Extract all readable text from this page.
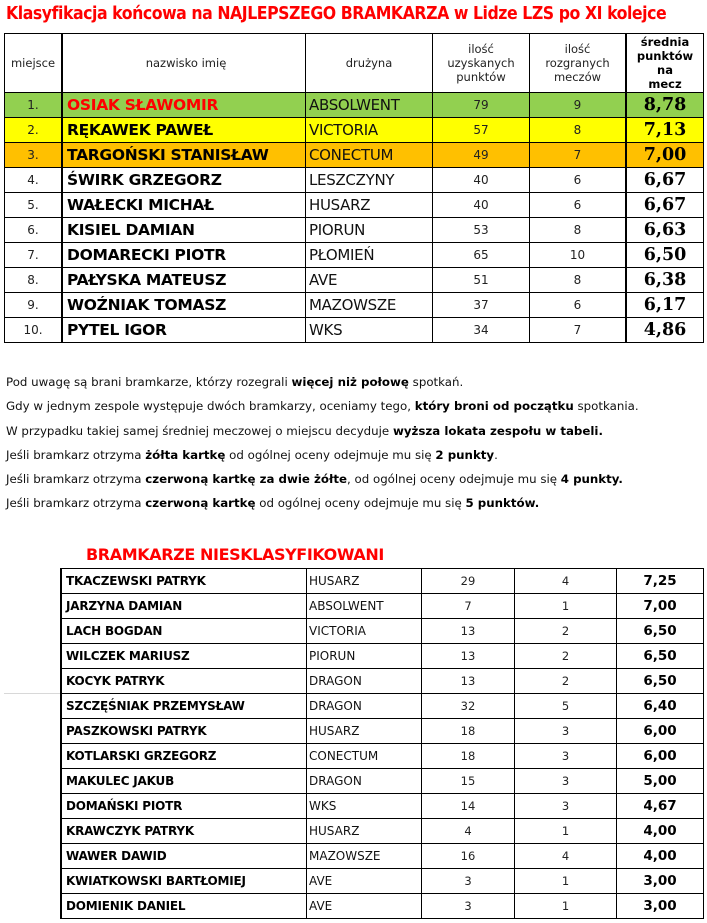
Klasyfikacja końcowa na NAJLEPSZEGO BRAMKARZA w Lidze LZS po XI kolejce
miejsce	nazwisko imię	drużyna	ilość
uzyskanych
punktów	ilość
rozgranych
meczów	średnia
punktów na
mecz
1.	OSIAK SŁAWOMIR	ABSOLWENT	79	9	8,78
2.	RĘKAWEK PAWEŁ	VICTORIA	57	8	7,13
3.	TARGOŃSKI STANISŁAW	CONECTUM	49	7	7,00
4.	ŚWIRK GRZEGORZ	LESZCZYNY	40	6	6,67
5.	WAŁECKI MICHAŁ	HUSARZ	40	6	6,67
6.	KISIEL DAMIAN	PIORUN	53	8	6,63
7.	DOMARECKI PIOTR	PŁOMIEŃ	65	10	6,50
8.	PAŁYSKA MATEUSZ	AVE	51	8	6,38
9.	WOŹNIAK TOMASZ	MAZOWSZE	37	6	6,17
10.	PYTEL IGOR	WKS	34	7	4,86

Pod uwagę są brani bramkarze, którzy rozegrali więcej niż połowę spotkań.

Gdy w jednym zespole występuje dwóch bramkarzy, oceniamy tego, który broni od początku spotkania.

W przypadku takiej samej średniej meczowej o miejscu decyduje wyższa lokata zespołu w tabeli.

Jeśli bramkarz otrzyma żółta kartkę od ogólnej oceny odejmuje mu się 2 punkty.

Jeśli bramkarz otrzyma czerwoną kartkę za dwie żółte, od ogólnej oceny odejmuje mu się 4 punkty.

Jeśli bramkarz otrzyma czerwoną kartkę od ogólnej oceny odejmuje mu się 5 punktów.

BRAMKARZE NIESKLASYFIKOWANI
TKACZEWSKI PATRYK	HUSARZ	29	4	7,25
JARZYNA DAMIAN	ABSOLWENT	7	1	7,00
LACH BOGDAN	VICTORIA	13	2	6,50
WILCZEK MARIUSZ	PIORUN	13	2	6,50
KOCYK PATRYK	DRAGON	13	2	6,50
SZCZĘŚNIAK PRZEMYSŁAW	DRAGON	32	5	6,40
PASZKOWSKI PATRYK	HUSARZ	18	3	6,00
KOTLARSKI GRZEGORZ	CONECTUM	18	3	6,00
MAKULEC JAKUB	DRAGON	15	3	5,00
DOMAŃSKI PIOTR	WKS	14	3	4,67
KRAWCZYK PATRYK	HUSARZ	4	1	4,00
WAWER DAWID	MAZOWSZE	16	4	4,00
KWIATKOWSKI BARTŁOMIEJ	AVE	3	1	3,00
DOMIENIK DANIEL	AVE	3	1	3,00
